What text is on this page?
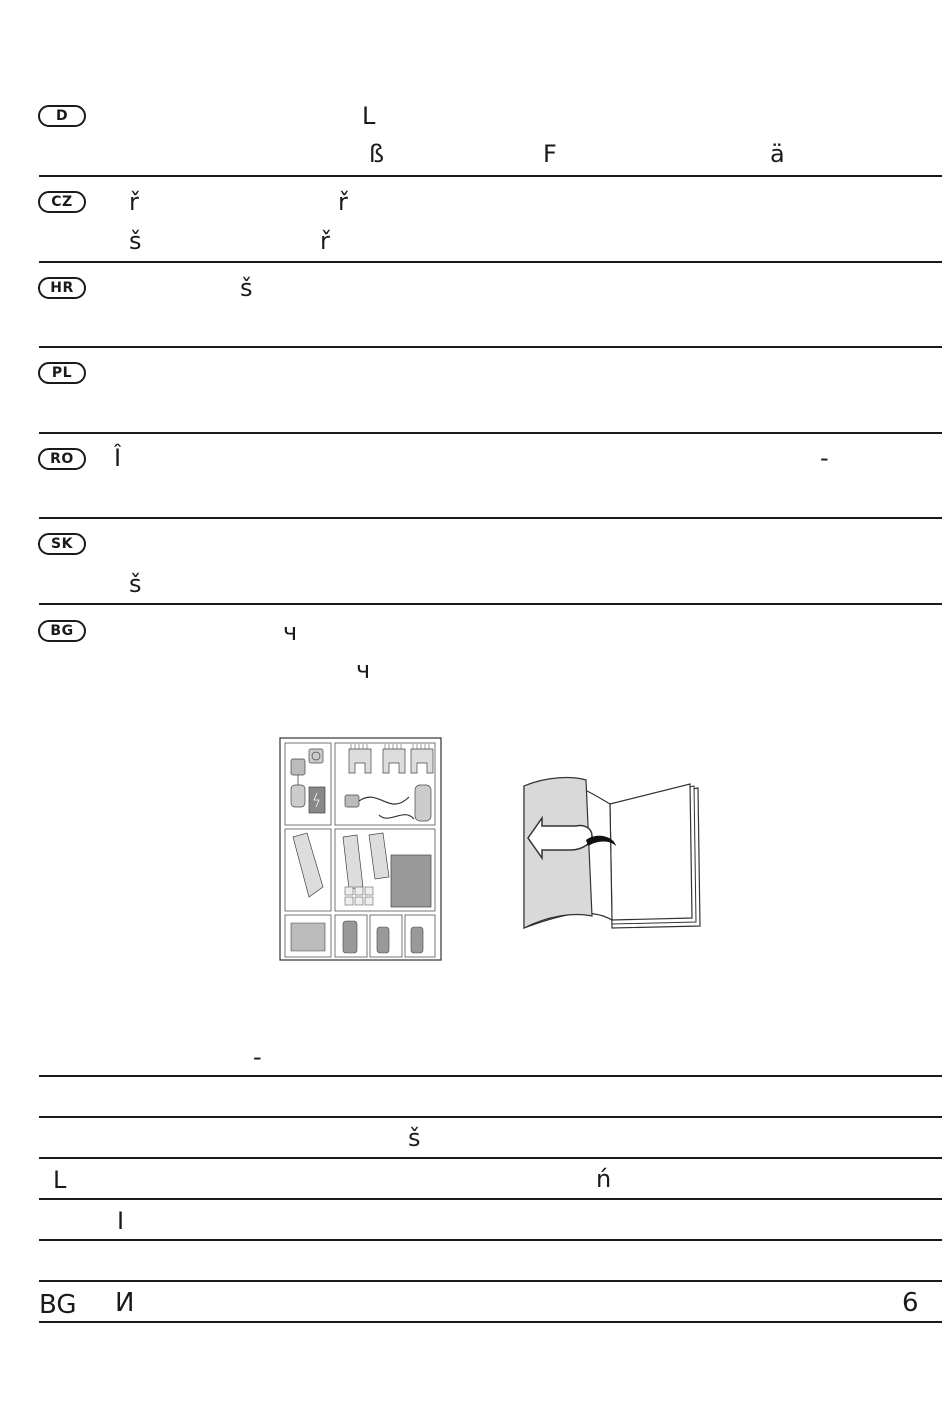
D	L
ß	F	ä
CZ	ř	ř
š	ř
HR	š
PL
RO	Î	-
SK
š
BG	ч
ч
-
š
L	ń
I
BG И	6
